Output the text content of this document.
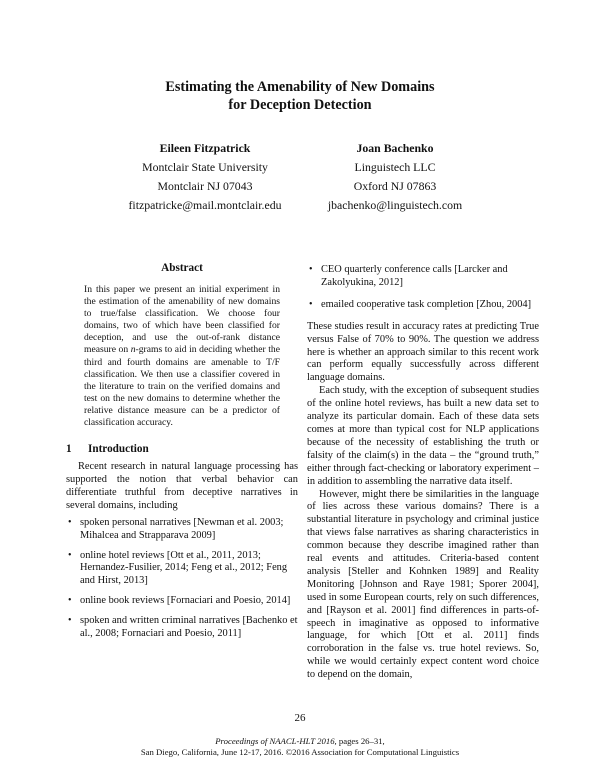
Estimating the Amenability of New Domains
for Deception Detection
Eileen Fitzpatrick
Montclair State University
Montclair NJ 07043
fitzpatricke@mail.montclair.edu
Joan Bachenko
Linguistech LLC
Oxford NJ 07863
jbachenko@linguistech.com
Abstract
In this paper we present an initial experiment in the estimation of the amenability of new domains to true/false classification. We choose four domains, two of which have been classified for deception, and use the out-of-rank distance measure on n-grams to aid in deciding whether the third and fourth domains are amenable to T/F classification. We then use a classifier covered in the literature to train on the verified domains and test on the new domains to determine whether the relative distance measure can be a predictor of classification accuracy.
1 Introduction

Recent research in natural language processing has supported the notion that verbal behavior can differentiate truthful from deceptive narratives in several domains, including

• spoken personal narratives [Newman et al. 2003; Mihalcea and Strapparava 2009]
• online hotel reviews [Ott et al., 2011, 2013; Hernandez-Fusilier, 2014; Feng et al., 2012; Feng and Hirst, 2013]
• online book reviews [Fornaciari and Poesio, 2014]
• spoken and written criminal narratives [Bachenko et al., 2008; Fornaciari and Poesio, 2011]
• CEO quarterly conference calls [Larcker and Zakolyukina, 2012]
• emailed cooperative task completion [Zhou, 2004]

These studies result in accuracy rates at predicting True versus False of 70% to 90%. The question we address here is whether an approach similar to this recent work can perform equally successfully across different language domains.

Each study, with the exception of subsequent studies of the online hotel reviews, has built a new data set to analyze its particular domain. Each of these data sets comes at more than typical cost for NLP applications because of the necessity of establishing the truth or falsity of the claim(s) in the data – the “ground truth,” either through fact-checking or laboratory experiment – in addition to assembling the narrative data itself.

However, might there be similarities in the language of lies across these various domains? There is a substantial literature in psychology and criminal justice that views false narratives as sharing characteristics in common because they describe imagined rather than real events and attitudes. Criteria-based content analysis [Steller and Kohnken 1989] and Reality Monitoring [Johnson and Raye 1981; Sporer 2004], used in some European courts, rely on such differences, and [Rayson et al. 2001] find differences in parts-of-speech in imaginative as opposed to informative language, for which [Ott et al. 2011] finds corroboration in the false vs. true hotel reviews. So, while we would certainly expect content word choice to depend on the domain,

26
Proceedings of NAACL-HLT 2016, pages 26–31,
San Diego, California, June 12-17, 2016. ©2016 Association for Computational Linguistics
